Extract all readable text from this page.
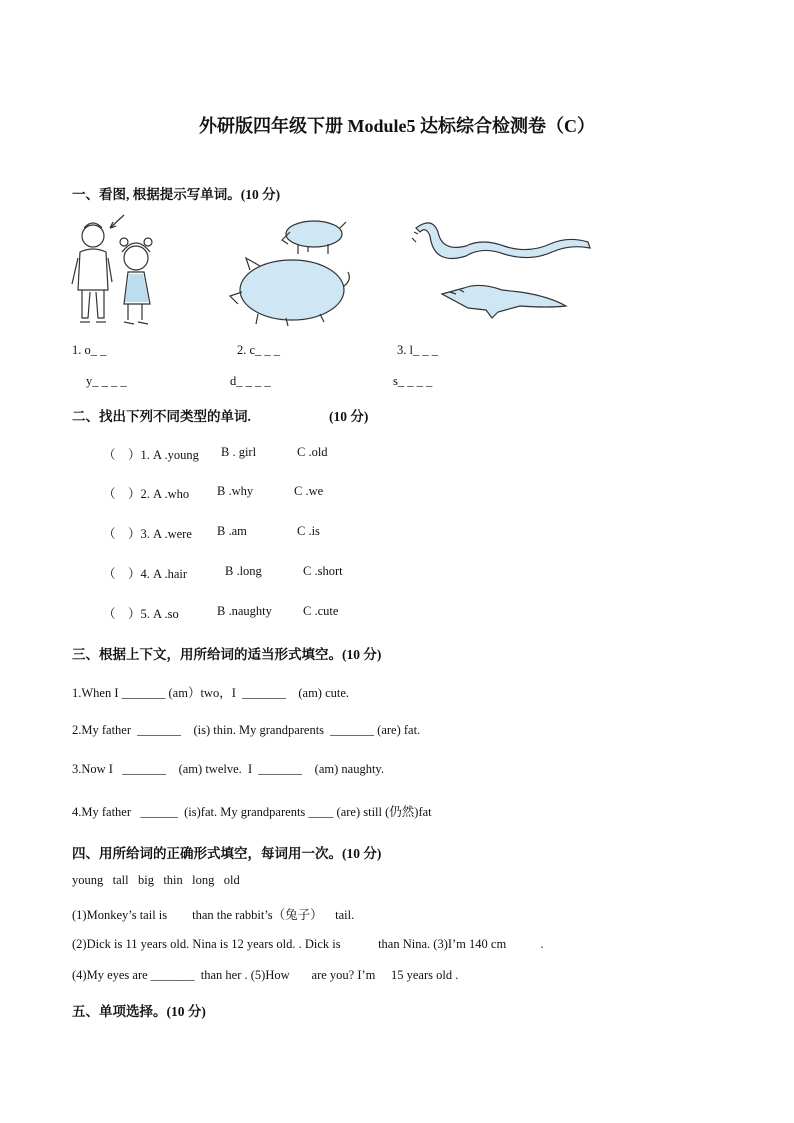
外研版四年级下册 Module5 达标综合检测卷（C）
一、看图, 根据提示写单词。(10 分)
1. o_ _	2. c_ _ _	3. l_ _ _
y_ _ _ _	d_ _ _ _	s_ _ _ _
二、找出下列不同类型的单词.	(10 分)
（　）1. A .young B . girl	C .old
（　）2. A .who B .why	C .we
（　）3. A .were B .am	C .is
（　）4. A .hair	B .long	C .short
（　）5. A .so	B .naughty C .cute
三、根据上下文，用所给词的适当形式填空。(10 分)
1.When I _______ (am）two，I  _______    (am) cute.
2.My father  _______    (is) thin. My grandparents  _______ (are) fat.
3.Now I   _______    (am) twelve.  I  _______    (am) naughty.
4.My father   ______  (is)fat. My grandparents ____ (are) still (仍然)fat
四、用所给词的正确形式填空，每词用一次。(10 分)
young   tall   big   thin   long   old
(1)Monkey’s tail is        than the rabbit’s（兔子）    tail.
(2)Dick is 11 years old. Nina is 12 years old. . Dick is            than Nina. (3)I’m 140 cm           .
(4)My eyes are _______  than her . (5)How       are you? I’m     15 years old .
五、单项选择。(10 分)
